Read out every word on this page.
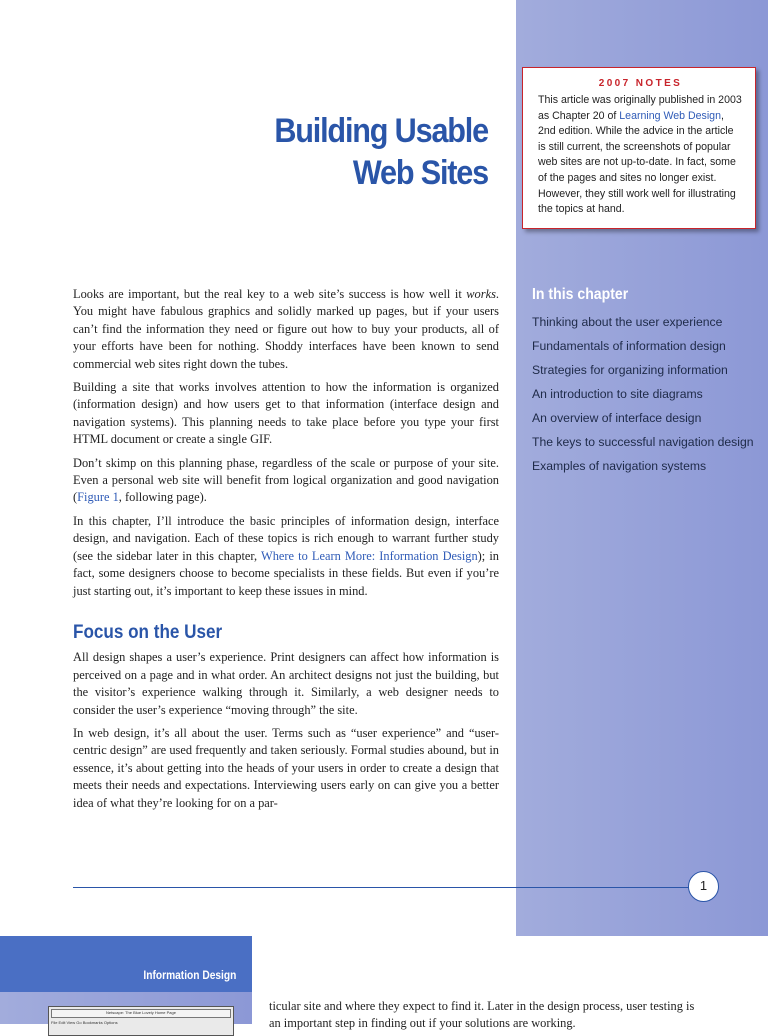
2007 NOTES
This article was originally published in 2003 as Chapter 20 of Learning Web Design, 2nd edition. While the advice in the article is still current, the screenshots of popular web sites are not up-to-date. In fact, some of the pages and sites no longer exist. However, they still work well for illustrating the topics at hand.
Building Usable
Web Sites
In this chapter
Thinking about the user experience
Fundamentals of information design
Strategies for organizing information
An introduction to site diagrams
An overview of interface design
The keys to successful navigation design
Examples of navigation systems

Looks are important, but the real key to a web site’s success is how well it works. You might have fabulous graphics and solidly marked up pages, but if your users can’t find the information they need or figure out how to buy your products, all of your efforts have been for nothing. Shoddy interfaces have been known to send commercial web sites right down the tubes.

Building a site that works involves attention to how the information is organized (information design) and how users get to that information (interface design and navigation systems). This planning needs to take place before you type your first HTML document or create a single GIF.

Don’t skimp on this planning phase, regardless of the scale or purpose of your site. Even a personal web site will benefit from logical organization and good navigation (Figure 1, following page).

In this chapter, I’ll introduce the basic principles of information design, interface design, and navigation. Each of these topics is rich enough to warrant further study (see the sidebar later in this chapter, Where to Learn More: Information Design); in fact, some designers choose to become specialists in these fields. But even if you’re just starting out, it’s important to keep these issues in mind.

Focus on the User

All design shapes a user’s experience. Print designers can affect how information is perceived on a page and in what order. An architect designs not just the building, but the visitor’s experience walking through it. Similarly, a web designer needs to consider the user’s experience “moving through” the site.

In web design, it’s all about the user. Terms such as “user experience” and “user-centric design” are used frequently and taken seriously. Formal studies abound, but in essence, it’s about getting into the heads of your users in order to create a design that meets their needs and expectations. Interviewing users early on can give you a better idea of what they’re looking for on a par-

1
Information Design
Netscape: The Blue Lovely Home Page
File Edit View Go Bookmarks Options
ticular site and where they expect to find it. Later in the design process, user testing is an important step in finding out if your solutions are working.
